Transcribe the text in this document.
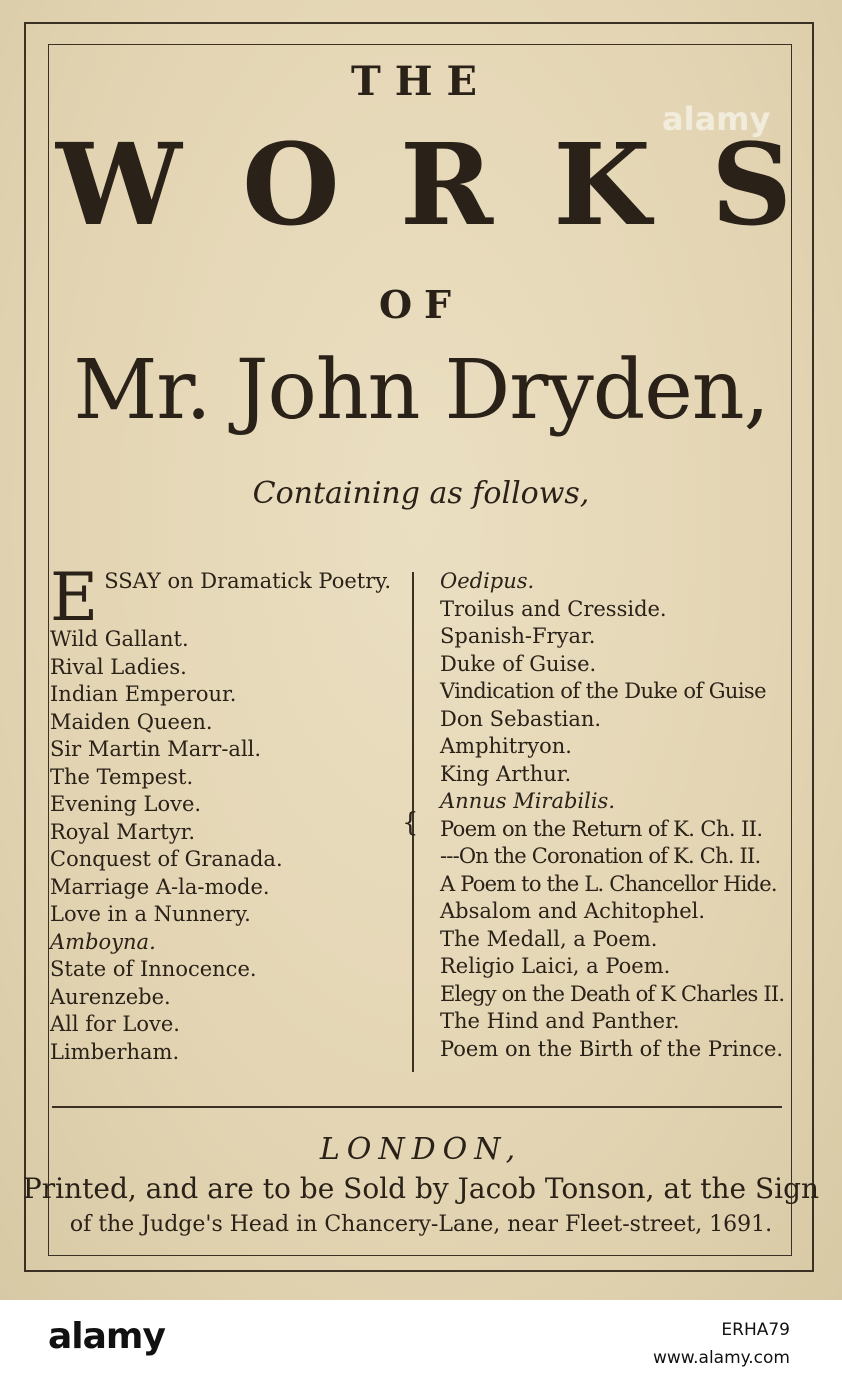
THE
W O R K S
OF
Mr. John Dryden,
Containing as follows,
E SSAY on Dramatick Poetry.
Wild Gallant.
Rival Ladies.
Indian Emperour.
Maiden Queen.
Sir Martin Marr-all.
The Tempest.
Evening Love.
Royal Martyr.
Conquest of Granada.
Marriage A-la-mode.
Love in a Nunnery.
Amboyna.
State of Innocence.
Aurenzebe.
All for Love.
Limberham.
{
Oedipus.
Troilus and Cresside.
Spanish-Fryar.
Duke of Guise.
Vindication of the Duke of Guise
Don Sebastian.
Amphitryon.
King Arthur.
Annus Mirabilis.
Poem on the Return of K. Ch. II.
---On the Coronation of K. Ch. II.
A Poem to the L. Chancellor Hide.
Absalom and Achitophel.
The Medall, a Poem.
Religio Laici, a Poem.
Elegy on the Death of K Charles II.
The Hind and Panther.
Poem on the Birth of the Prince.
LONDON,
Printed, and are to be Sold by Jacob Tonson, at the Sign
of the Judge's Head in Chancery-Lane, near Fleet-street, 1691.
alamy
alamy	ERHA79
www.alamy.com
